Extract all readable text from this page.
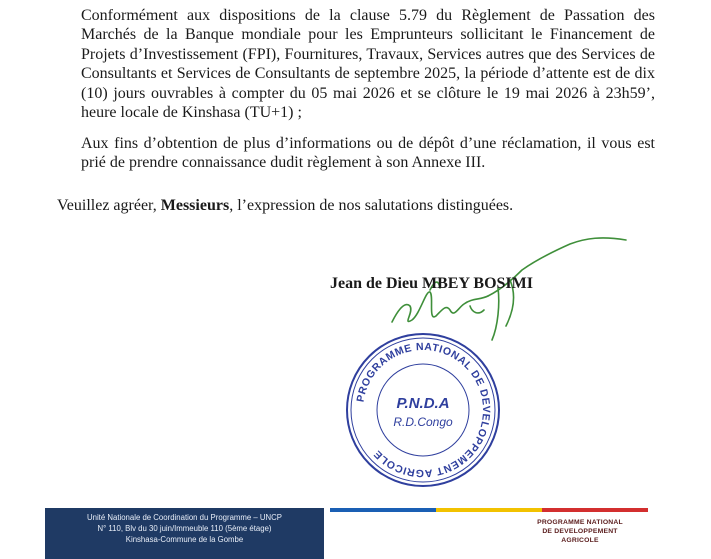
Conformément aux dispositions de la clause 5.79 du Règlement de Passation des Marchés de la Banque mondiale pour les Emprunteurs sollicitant le Financement de Projets d’Investissement (FPI), Fournitures, Travaux, Services autres que des Services de Consultants et Services de Consultants de septembre 2025, la période d’attente est de dix (10) jours ouvrables à compter du 05 mai 2026 et se clôture le 19 mai 2026 à 23h59’, heure locale de Kinshasa (TU+1) ;

Aux fins d’obtention de plus d’informations ou de dépôt d’une réclamation, il vous est prié de prendre connaissance dudit règlement à son Annexe III.

Veuillez agréer, Messieurs, l’expression de nos salutations distinguées.

Jean de Dieu MBEY BOSIMI
PROGRAMME NATIONAL DE DEVELOPPEMENT AGRICOLE
P.N.D.A
R.D.Congo
Unité Nationale de Coordination du Programme – UNCP
N° 110, Blv du 30 juin/Immeuble 110 (5ème étage)
Kinshasa-Commune de la Gombe
PROGRAMME NATIONAL
DE DEVELOPPEMENT
AGRICOLE
